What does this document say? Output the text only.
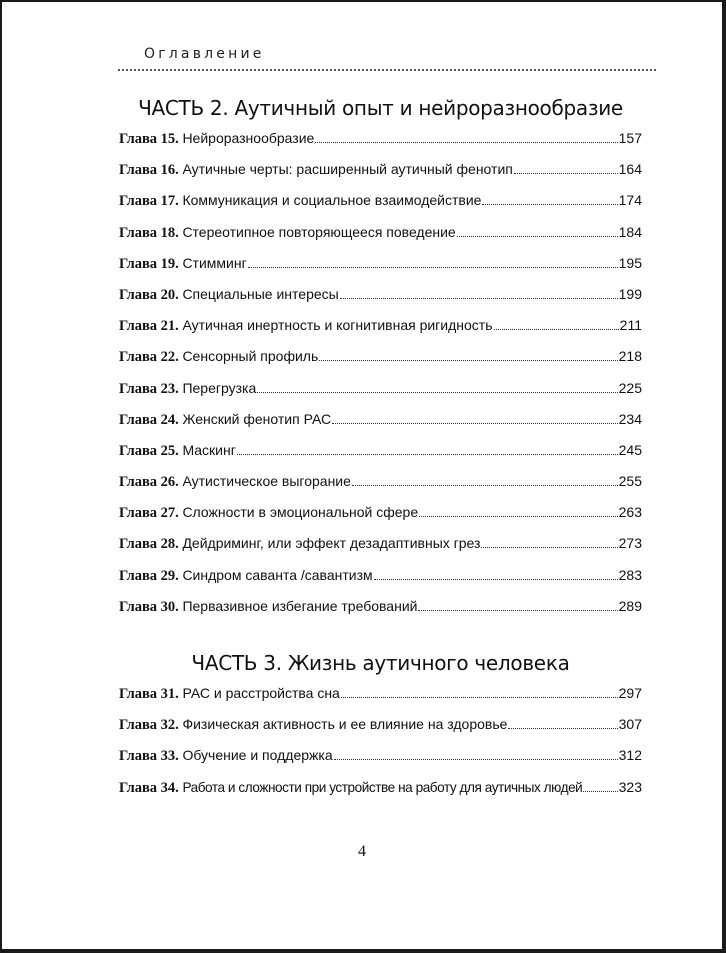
Оглавление
ЧАСТЬ 2. Аутичный опыт и нейроразнообразие
Глава 15.
Нейроразнообразие	157
Глава 16.
Аутичные черты: расширенный аутичный фенотип	164
Глава 17.
Коммуникация и социальное взаимодействие	174
Глава 18.
Стереотипное повторяющееся поведение	184
Глава 19.
Стимминг	195
Глава 20.
Специальные интересы	199
Глава 21.
Аутичная инертность и когнитивная ригидность	211
Глава 22.
Сенсорный профиль	218
Глава 23.
Перегрузка	225
Глава 24.
Женский фенотип РАС	234
Глава 25.
Маскинг	245
Глава 26.
Аутистическое выгорание	255
Глава 27.
Сложности в эмоциональной сфере	263
Глава 28.
Дейдриминг, или эффект дезадаптивных грез	273
Глава 29.
Синдром саванта /савантизм	283
Глава 30.
Первазивное избегание требований	289
ЧАСТЬ 3. Жизнь аутичного человека
Глава 31.
РАС и расстройства сна	297
Глава 32.
Физическая активность и ее влияние на здоровье	307
Глава 33.
Обучение и поддержка	312
Глава 34.
Работа и сложности при устройстве на работу для аутичных людей	323
4
